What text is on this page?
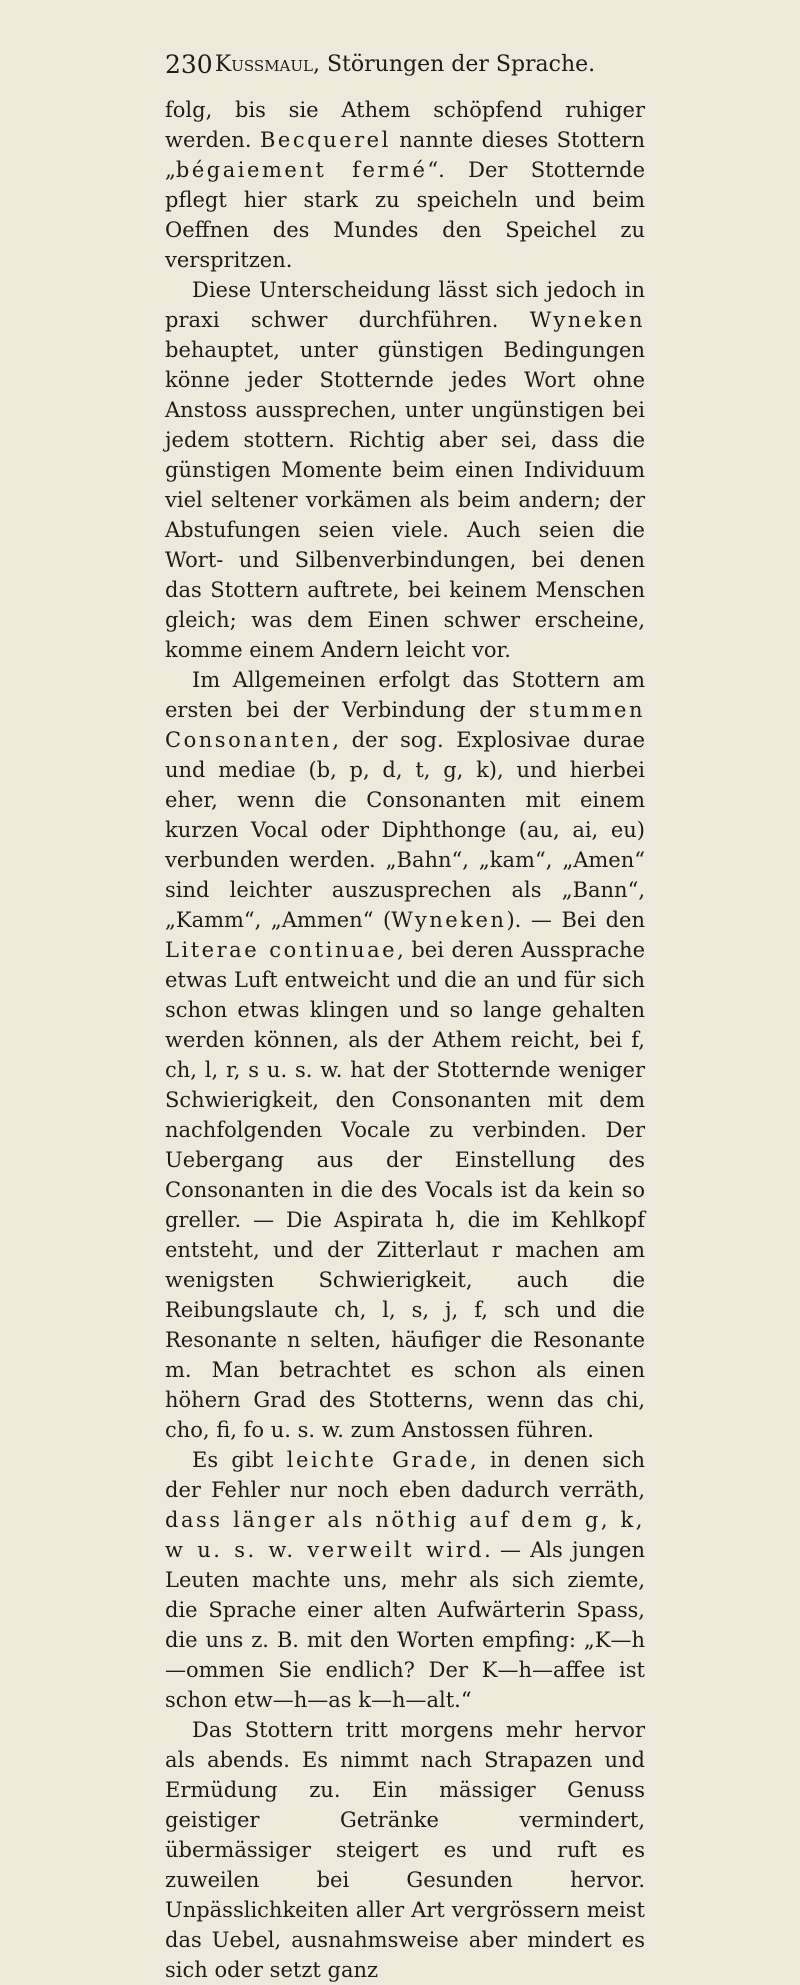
230 Kussmaul, Störungen der Sprache.

folg, bis sie Athem schöpfend ruhiger werden. Becquerel nannte dieses Stottern „bégaiement fermé“. Der Stotternde pflegt hier stark zu speicheln und beim Oeffnen des Mundes den Speichel zu verspritzen.

Diese Unterscheidung lässt sich jedoch in praxi schwer durchführen. Wyneken behauptet, unter günstigen Bedingungen könne jeder Stotternde jedes Wort ohne Anstoss aussprechen, unter ungünstigen bei jedem stottern. Richtig aber sei, dass die günstigen Momente beim einen Individuum viel seltener vorkämen als beim andern; der Abstufungen seien viele. Auch seien die Wort- und Silbenverbindungen, bei denen das Stottern auftrete, bei keinem Menschen gleich; was dem Einen schwer erscheine, komme einem Andern leicht vor.

Im Allgemeinen erfolgt das Stottern am ersten bei der Verbindung der stummen Consonanten, der sog. Explosivae durae und mediae (b, p, d, t, g, k), und hierbei eher, wenn die Consonanten mit einem kurzen Vocal oder Diphthonge (au, ai, eu) verbunden werden. „Bahn“, „kam“, „Amen“ sind leichter auszusprechen als „Bann“, „Kamm“, „Ammen“ (Wyneken). — Bei den Literae continuae, bei deren Aussprache etwas Luft entweicht und die an und für sich schon etwas klingen und so lange gehalten werden können, als der Athem reicht, bei f, ch, l, r, s u. s. w. hat der Stotternde weniger Schwierigkeit, den Consonanten mit dem nachfolgenden Vocale zu verbinden. Der Uebergang aus der Einstellung des Consonanten in die des Vocals ist da kein so greller. — Die Aspirata h, die im Kehlkopf entsteht, und der Zitterlaut r machen am wenigsten Schwierigkeit, auch die Reibungslaute ch, l, s, j, f, sch und die Resonante n selten, häufiger die Resonante m. Man betrachtet es schon als einen höhern Grad des Stotterns, wenn das chi, cho, fi, fo u. s. w. zum Anstossen führen.

Es gibt leichte Grade, in denen sich der Fehler nur noch eben dadurch verräth, dass länger als nöthig auf dem g, k, w u. s. w. verweilt wird. — Als jungen Leuten machte uns, mehr als sich ziemte, die Sprache einer alten Aufwärterin Spass, die uns z. B. mit den Worten empfing: „K—h—ommen Sie endlich? Der K—h—affee ist schon etw—h—as k—h—alt.“

Das Stottern tritt morgens mehr hervor als abends. Es nimmt nach Strapazen und Ermüdung zu. Ein mässiger Genuss geistiger Getränke vermindert, übermässiger steigert es und ruft es zuweilen bei Gesunden hervor. Unpässlichkeiten aller Art vergrössern meist das Uebel, ausnahmsweise aber mindert es sich oder setzt ganz
